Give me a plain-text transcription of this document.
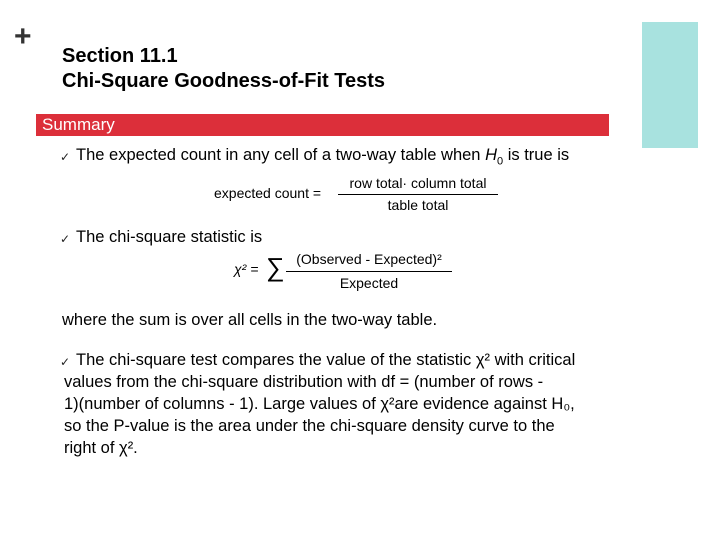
+
Section 11.1
Chi-Square Goodness-of-Fit Tests
Summary
✓ The expected count in any cell of a two-way table when $H_0$ is true is
expected count =
row total· column total
table total
✓ The chi-square statistic is
χ² = ∑ (Observed - Expected)²
Expected
where the sum is over all cells in the two-way table.
✓ The chi-square test compares the value of the statistic χ² with critical
values from the chi-square distribution with df = (number of rows -
1)(number of columns - 1). Large values of χ²are evidence against H₀,
so the P-value is the area under the chi-square density curve to the
right of χ².
